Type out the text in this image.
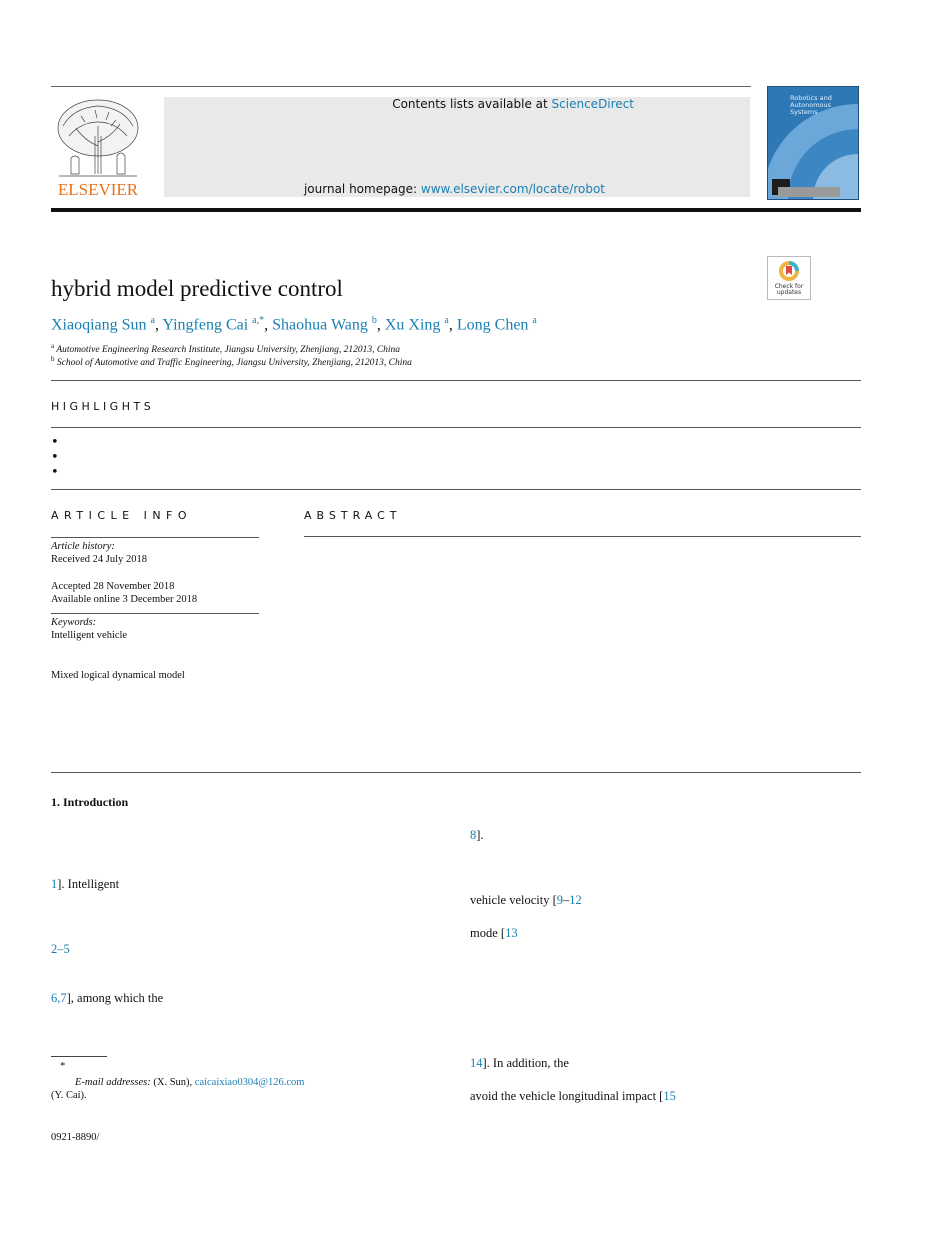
ELSEVIER
Contents lists available at ScienceDirect
journal homepage: www.elsevier.com/locate/robot
Robotics and Autonomous Systems
Check for updates
hybrid model predictive control
Xiaoqiang Sun $^a$, Yingfeng Cai $^{a,*}$, Shaohua Wang $^b$, Xu Xing $^a$, Long Chen $^a$
$^a$ Automotive Engineering Research Institute, Jiangsu University, Zhenjiang, 212013, China
$^b$ School of Automotive and Traffic Engineering, Jiangsu University, Zhenjiang, 212013, China
HIGHLIGHTS
•
•
•
ARTICLE INFO	ABSTRACT
Article history:
Received 24 July 2018
Accepted 28 November 2018
Available online 3 December 2018
Keywords:
Intelligent vehicle
Mixed logical dynamical model
1. Introduction
1]. Intelligent
2–5
6,7], among which the
8].
vehicle velocity [9–12
mode [13
14]. In addition, the
avoid the vehicle longitudinal impact [15
*
E-mail addresses: (X. Sun), caicaixiao0304@126.com
(Y. Cai).
0921-8890/
